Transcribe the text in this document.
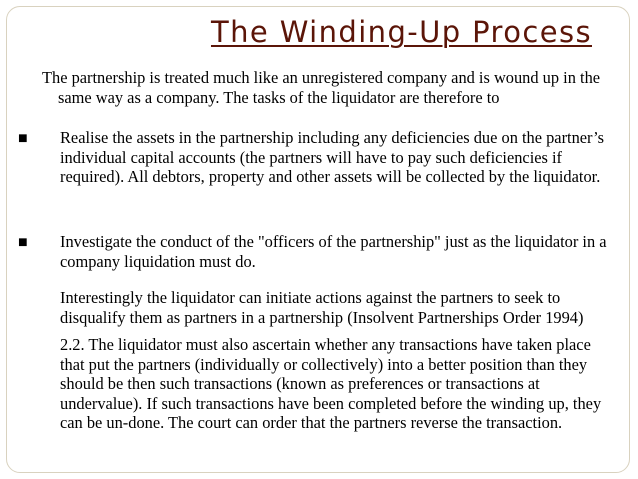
The Winding-Up Process
The partnership is treated much like an unregistered company and is wound up in the same way as a company. The tasks of the liquidator are therefore to
■ Realise the assets in the partnership including any deficiencies due on the partner’s individual capital accounts (the partners will have to pay such deficiencies if required). All debtors, property and other assets will be collected by the liquidator.
■ Investigate the conduct of the "officers of the partnership" just as the liquidator in a company liquidation must do.
Interestingly the liquidator can initiate actions against the partners to seek to disqualify them as partners in a partnership (Insolvent Partnerships Order 1994)
2.2. The liquidator must also ascertain whether any transactions have taken place that put the partners (individually or collectively) into a better position than they should be then such transactions (known as preferences or transactions at undervalue). If such transactions have been completed before the winding up, they can be un-done. The court can order that the partners reverse the transaction.
